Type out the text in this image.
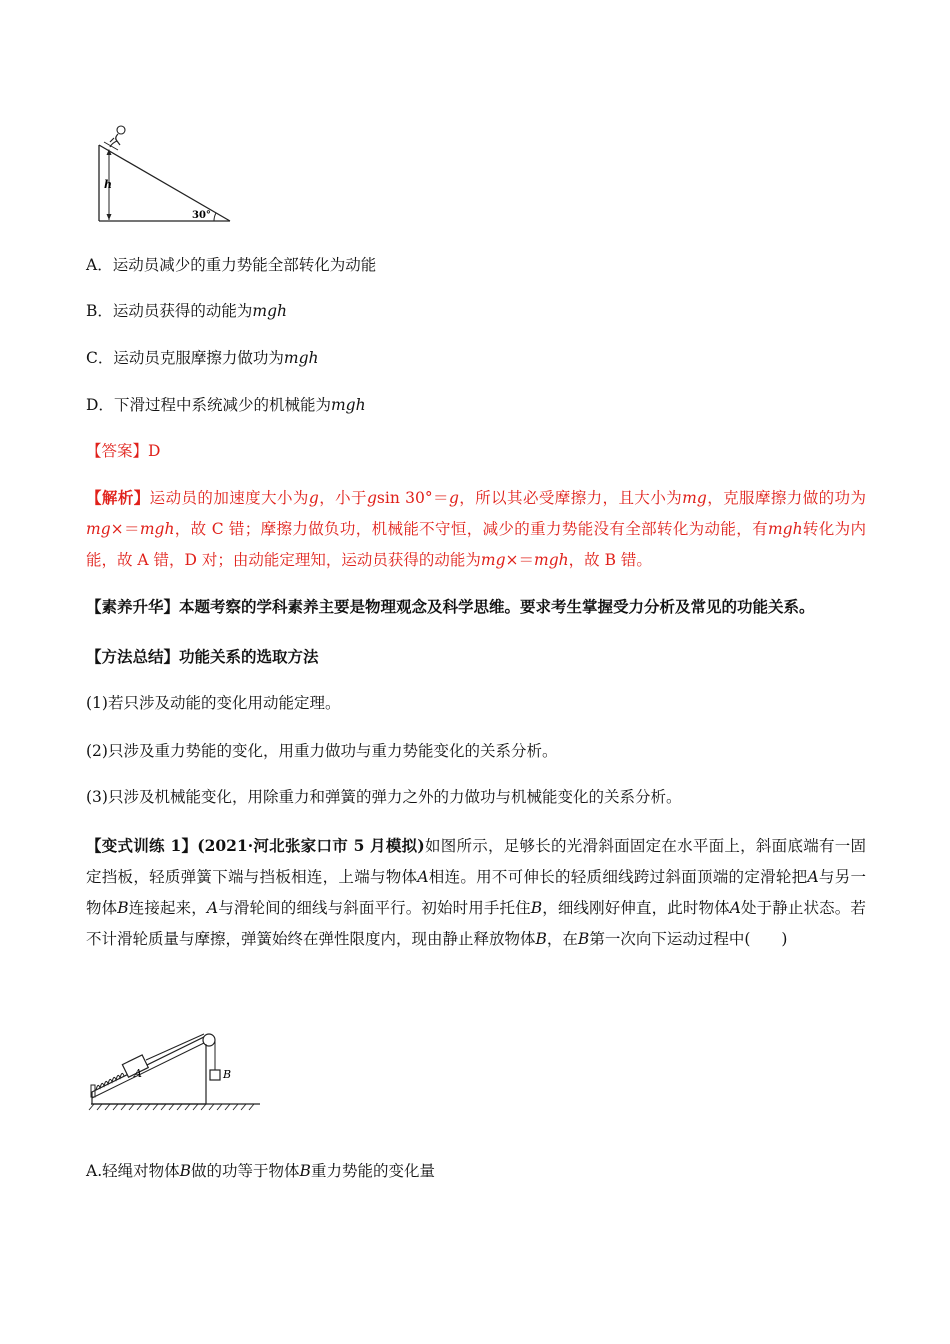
h
30°
A．运动员减少的重力势能全部转化为动能
B．运动员获得的动能为mgh
C．运动员克服摩擦力做功为mgh
D．下滑过程中系统减少的机械能为mgh
【答案】D
【解析】运动员的加速度大小为g，小于gsin 30°＝g，所以其必受摩擦力，且大小为mg，克服摩擦力做的功为mg×＝mgh，故 C 错；摩擦力做负功，机械能不守恒，减少的重力势能没有全部转化为动能，有mgh转化为内能，故 A 错，D 对；由动能定理知，运动员获得的动能为mg×＝mgh，故 B 错。
【素养升华】本题考察的学科素养主要是物理观念及科学思维。要求考生掌握受力分析及常见的功能关系。
【方法总结】功能关系的选取方法
(1)若只涉及动能的变化用动能定理。
(2)只涉及重力势能的变化，用重力做功与重力势能变化的关系分析。
(3)只涉及机械能变化，用除重力和弹簧的弹力之外的力做功与机械能变化的关系分析。
【变式训练 1】(2021·河北张家口市 5 月模拟)如图所示，足够长的光滑斜面固定在水平面上，斜面底端有一固定挡板，轻质弹簧下端与挡板相连，上端与物体A相连。用不可伸长的轻质细线跨过斜面顶端的定滑轮把A与另一物体B连接起来，A与滑轮间的细线与斜面平行。初始时用手托住B，细线刚好伸直，此时物体A处于静止状态。若不计滑轮质量与摩擦，弹簧始终在弹性限度内，现由静止释放物体B，在B第一次向下运动过程中(　　)
A	B
A.轻绳对物体B做的功等于物体B重力势能的变化量
